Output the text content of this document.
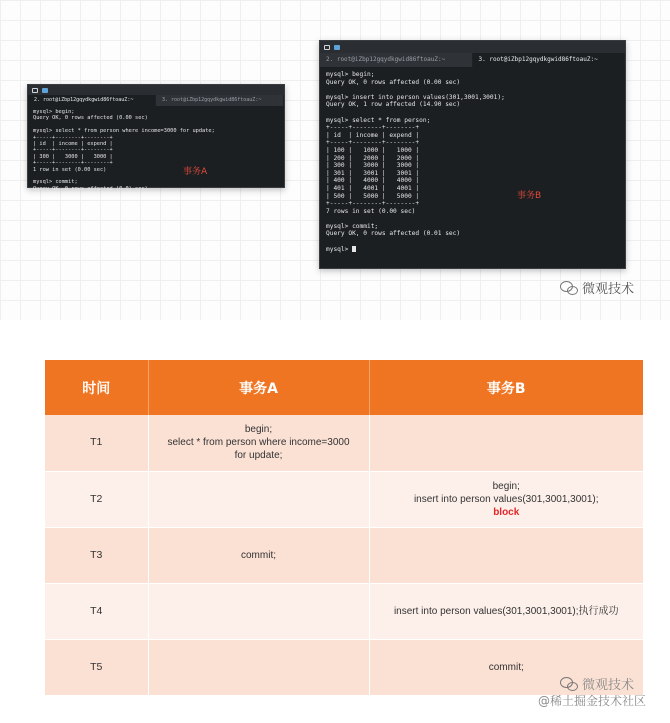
2. root@iZbp12gqydkgwid86ftoauZ:~	3. root@iZbp12gqydkgwid86ftoauZ:~
mysql> begin;
Query OK, 0 rows affected (0.00 sec)

mysql> select * from person where income=3000 for update;
+-----+--------+--------+
| id  | income | expend |
+-----+--------+--------+
| 300 |   3000 |   3000 |
+-----+--------+--------+
1 row in set (0.00 sec)

mysql> commit;
Query OK, 0 rows affected (0.0) sec)
事务A
2. root@iZbp12gqydkgwid86ftoauZ:~	3. root@iZbp12gqydkgwid86ftoauZ:~
mysql> begin;
Query OK, 0 rows affected (0.00 sec)

mysql> insert into person values(301,3001,3001);
Query OK, 1 row affected (14.90 sec)

mysql> select * from person;
+-----+--------+--------+
| id  | income | expend |
+-----+--------+--------+
| 100 |   1000 |   1000 |
| 200 |   2000 |   2000 |
| 300 |   3000 |   3000 |
| 301 |   3001 |   3001 |
| 400 |   4000 |   4000 |
| 401 |   4001 |   4001 |
| 500 |   5000 |   5000 |
+-----+--------+--------+
7 rows in set (0.00 sec)

mysql> commit;
Query OK, 0 rows affected (0.01 sec)

mysql>
事务B
微观技术
时间	事务A	事务B
T1	begin;
select * from person where income=3000
for update;	

T2		begin;
insert into person values(301,3001,3001);
block

T3	commit;	

T4		insert into person values(301,3001,3001);执行成功

T5		commit;
微观技术
@稀土掘金技术社区
